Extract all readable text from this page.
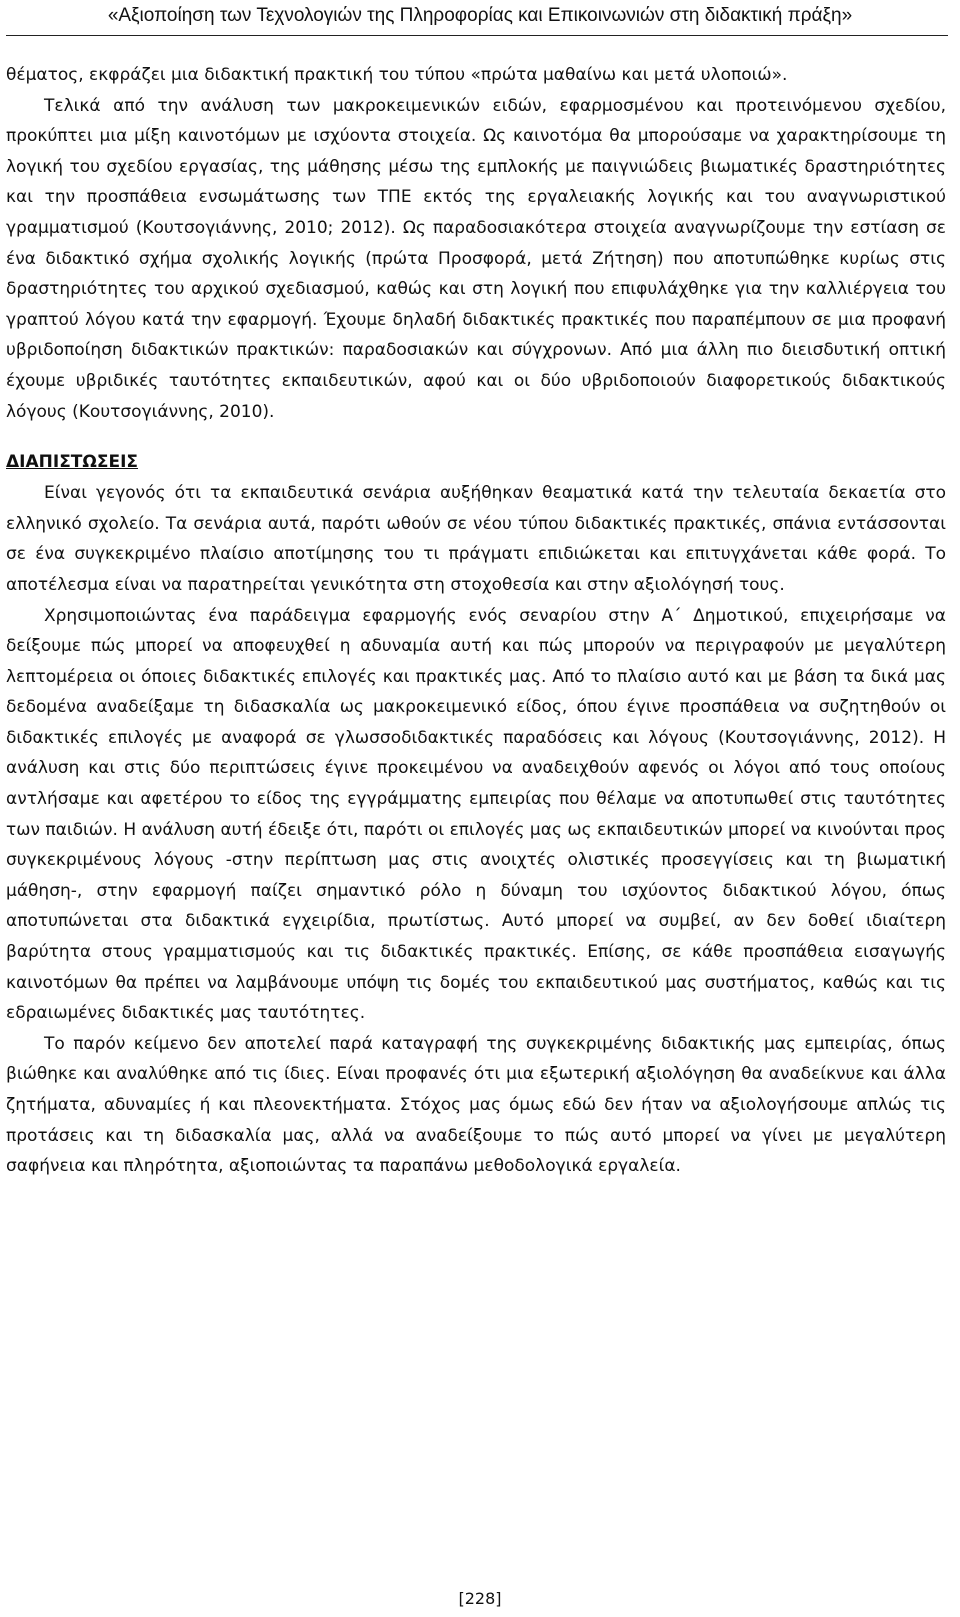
«Αξιοποίηση των Τεχνολογιών της Πληροφορίας και Επικοινωνιών στη διδακτική πράξη»

θέματος, εκφράζει μια διδακτική πρακτική του τύπου «πρώτα μαθαίνω και μετά υλοποιώ».

Τελικά από την ανάλυση των μακροκειμενικών ειδών, εφαρμοσμένου και προτεινόμενου σχεδίου, προκύπτει μια μίξη καινοτόμων με ισχύοντα στοιχεία. Ως καινοτόμα θα μπορούσαμε να χαρακτηρίσουμε τη λογική του σχεδίου εργασίας, της μάθησης μέσω της εμπλοκής με παιγνιώδεις βιωματικές δραστηριότητες και την προσπάθεια ενσωμάτωσης των ΤΠΕ εκτός της εργαλειακής λογικής και του αναγνωριστικού γραμματισμού (Κουτσογιάννης, 2010; 2012). Ως παραδοσιακότερα στοιχεία αναγνωρίζουμε την εστίαση σε ένα διδακτικό σχήμα σχολικής λογικής (πρώτα Προσφορά, μετά Ζήτηση) που αποτυπώθηκε κυρίως στις δραστηριότητες του αρχικού σχεδιασμού, καθώς και στη λογική που επιφυλάχθηκε για την καλλιέργεια του γραπτού λόγου κατά την εφαρμογή. Έχουμε δηλαδή διδακτικές πρακτικές που παραπέμπουν σε μια προφανή υβριδοποίηση διδακτικών πρακτικών: παραδοσιακών και σύγχρονων. Από μια άλλη πιο διεισδυτική οπτική έχουμε υβριδικές ταυτότητες εκπαιδευτικών, αφού και οι δύο υβριδοποιούν διαφορετικούς διδακτικούς λόγους (Κουτσογιάννης, 2010).

ΔΙΑΠΙΣΤΩΣΕΙΣ

Είναι γεγονός ότι τα εκπαιδευτικά σενάρια αυξήθηκαν θεαματικά κατά την τελευταία δεκαετία στο ελληνικό σχολείο. Τα σενάρια αυτά, παρότι ωθούν σε νέου τύπου διδακτικές πρακτικές, σπάνια εντάσσονται σε ένα συγκεκριμένο πλαίσιο αποτίμησης του τι πράγματι επιδιώκεται και επιτυγχάνεται κάθε φορά. Το αποτέλεσμα είναι να παρατηρείται γενικότητα στη στοχοθεσία και στην αξιολόγησή τους.

Χρησιμοποιώντας ένα παράδειγμα εφαρμογής ενός σεναρίου στην Α΄ Δημοτικού, επιχειρήσαμε να δείξουμε πώς μπορεί να αποφευχθεί η αδυναμία αυτή και πώς μπορούν να περιγραφούν με μεγαλύτερη λεπτομέρεια οι όποιες διδακτικές επιλογές και πρακτικές μας. Από το πλαίσιο αυτό και με βάση τα δικά μας δεδομένα αναδείξαμε τη διδασκαλία ως μακροκειμενικό είδος, όπου έγινε προσπάθεια να συζητηθούν οι διδακτικές επιλογές με αναφορά σε γλωσσοδιδακτικές παραδόσεις και λόγους (Κουτσογιάννης, 2012). Η ανάλυση και στις δύο περιπτώσεις έγινε προκειμένου να αναδειχθούν αφενός οι λόγοι από τους οποίους αντλήσαμε και αφετέρου το είδος της εγγράμματης εμπειρίας που θέλαμε να αποτυπωθεί στις ταυτότητες των παιδιών. Η ανάλυση αυτή έδειξε ότι, παρότι οι επιλογές μας ως εκπαιδευτικών μπορεί να κινούνται προς συγκεκριμένους λόγους -στην περίπτωση μας στις ανοιχτές ολιστικές προσεγγίσεις και τη βιωματική μάθηση-, στην εφαρμογή παίζει σημαντικό ρόλο η δύναμη του ισχύοντος διδακτικού λόγου, όπως αποτυπώνεται στα διδακτικά εγχειρίδια, πρωτίστως. Αυτό μπορεί να συμβεί, αν δεν δοθεί ιδιαίτερη βαρύτητα στους γραμματισμούς και τις διδακτικές πρακτικές. Επίσης, σε κάθε προσπάθεια εισαγωγής καινοτόμων θα πρέπει να λαμβάνουμε υπόψη τις δομές του εκπαιδευτικού μας συστήματος, καθώς και τις εδραιωμένες διδακτικές μας ταυτότητες.

Το παρόν κείμενο δεν αποτελεί παρά καταγραφή της συγκεκριμένης διδακτικής μας εμπειρίας, όπως βιώθηκε και αναλύθηκε από τις ίδιες. Είναι προφανές ότι μια εξωτερική αξιολόγηση θα αναδείκνυε και άλλα ζητήματα, αδυναμίες ή και πλεονεκτήματα. Στόχος μας όμως εδώ δεν ήταν να αξιολογήσουμε απλώς τις προτάσεις και τη διδασκαλία μας, αλλά να αναδείξουμε το πώς αυτό μπορεί να γίνει με μεγαλύτερη σαφήνεια και πληρότητα, αξιοποιώντας τα παραπάνω μεθοδολογικά εργαλεία.

[228]
